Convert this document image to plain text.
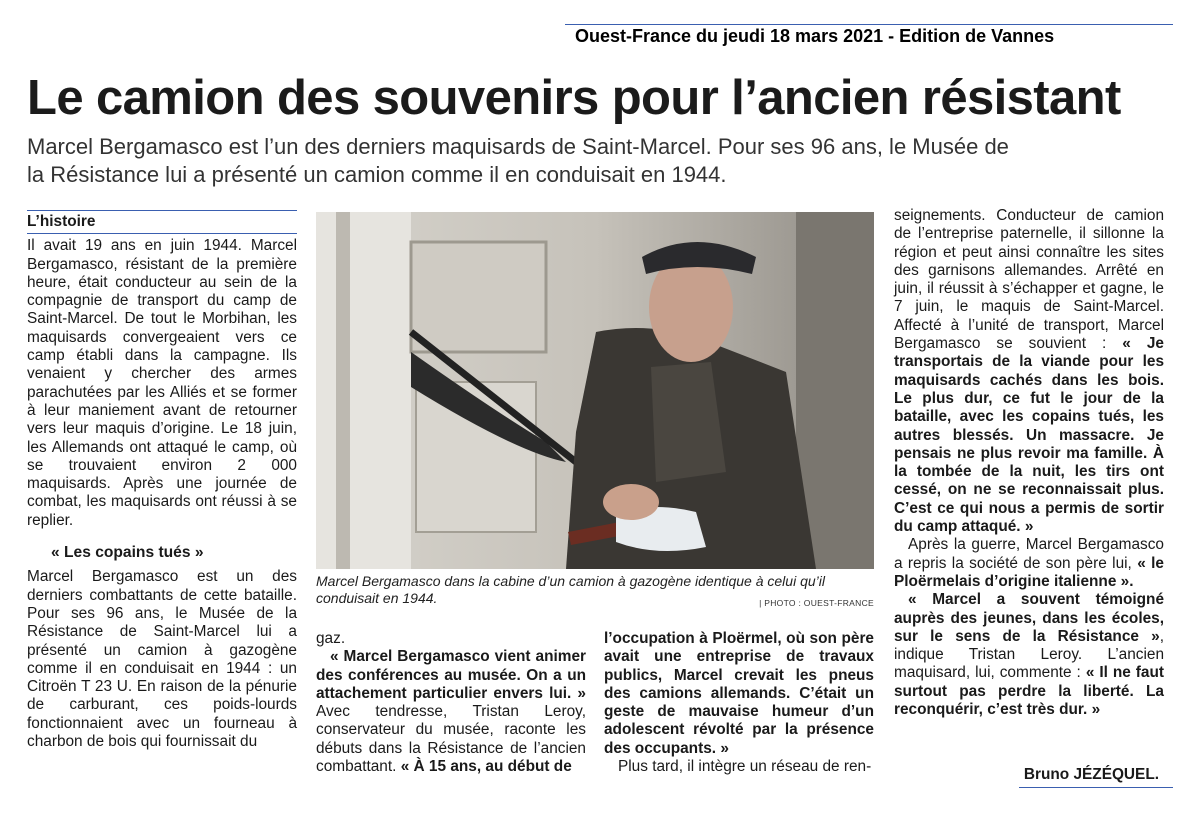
Ouest-France du jeudi 18 mars 2021 - Edition de Vannes
Le camion des souvenirs pour l’ancien résistant
Marcel Bergamasco est l’un des derniers maquisards de Saint-Marcel. Pour ses 96 ans, le Musée de la Résistance lui a présenté un camion comme il en conduisait en 1944.
L’histoire

Il avait 19 ans en juin 1944. Marcel Bergamasco, résistant de la première heure, était conducteur au sein de la compagnie de transport du camp de Saint-Marcel. De tout le Morbihan, les maquisards convergeaient vers ce camp établi dans la campagne. Ils venaient y chercher des armes parachutées par les Alliés et se former à leur maniement avant de retourner vers leur maquis d’origine. Le 18 juin, les Allemands ont attaqué le camp, où se trouvaient environ 2 000 maquisards. Après une journée de combat, les maquisards ont réussi à se replier.

« Les copains tués »

Marcel Bergamasco est un des derniers combattants de cette bataille. Pour ses 96 ans, le Musée de la Résistance de Saint-Marcel lui a présenté un camion à gazogène comme il en conduisait en 1944 : un Citroën T 23 U. En raison de la pénurie de carburant, ces poids-lourds fonctionnaient avec un fourneau à charbon de bois qui fournissait du

Marcel Bergamasco dans la cabine d’un camion à gazogène identique à celui qu’il conduisait en 1944.	| PHOTO : OUEST-FRANCE

gaz.

« Marcel Bergamasco vient animer des conférences au musée. On a un attachement particulier envers lui. » Avec tendresse, Tristan Leroy, conservateur du musée, raconte les débuts dans la Résistance de l’ancien combattant. « À 15 ans, au début de

l’occupation à Ploërmel, où son père avait une entreprise de travaux publics, Marcel crevait les pneus des camions allemands. C’était un geste de mauvaise humeur d’un adolescent révolté par la présence des occupants. »

Plus tard, il intègre un réseau de ren-

seignements. Conducteur de camion de l’entreprise paternelle, il sillonne la région et peut ainsi connaître les sites des garnisons allemandes. Arrêté en juin, il réussit à s’échapper et gagne, le 7 juin, le maquis de Saint-Marcel. Affecté à l’unité de transport, Marcel Bergamasco se souvient : « Je transportais de la viande pour les maquisards cachés dans les bois. Le plus dur, ce fut le jour de la bataille, avec les copains tués, les autres blessés. Un massacre. Je pensais ne plus revoir ma famille. À la tombée de la nuit, les tirs ont cessé, on ne se reconnaissait plus. C’est ce qui nous a permis de sortir du camp attaqué. »

Après la guerre, Marcel Bergamasco a repris la société de son père lui, « le Ploërmelais d’origine italienne ».

« Marcel a souvent témoigné auprès des jeunes, dans les écoles, sur le sens de la Résistance », indique Tristan Leroy. L’ancien maquisard, lui, commente : « Il ne faut surtout pas perdre la liberté. La reconquérir, c’est très dur. »

Bruno JÉZÉQUEL.
